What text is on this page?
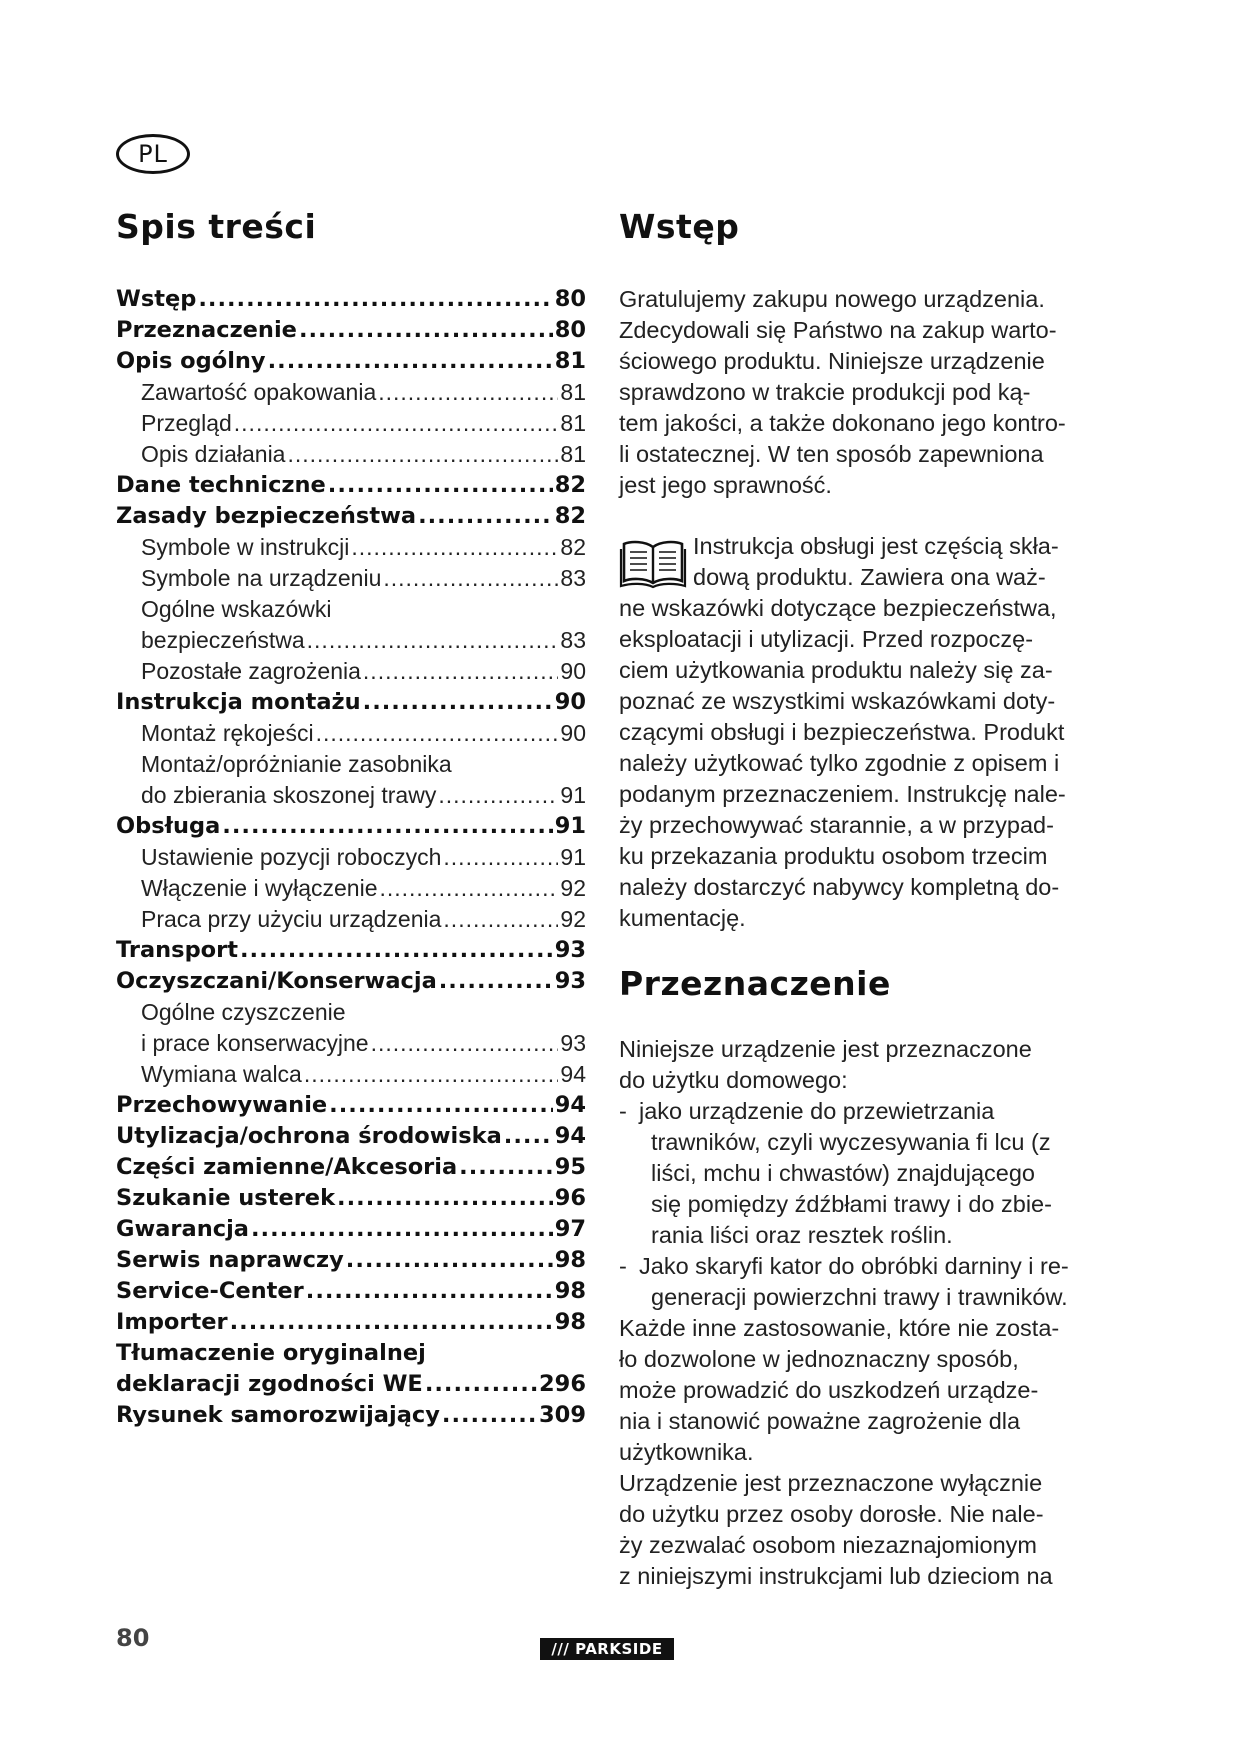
PL
Spis treści
Wstęp .....	80
Przeznaczenie .....	80
Opis ogólny .....	81
Zawartość opakowania .....	81
Przegląd .....	81
Opis działania .....	81
Dane techniczne .....	82
Zasady bezpieczeństwa .....	82
Symbole w instrukcji .....	82
Symbole na urządzeniu .....	83
Ogólne wskazówki
bezpieczeństwa .....	83
Pozostałe zagrożenia .....	90
Instrukcja montażu .....	90
Montaż rękojeści .....	90
Montaż/opróżnianie zasobnika
do zbierania skoszonej trawy .....	91
Obsługa .....	91
Ustawienie pozycji roboczych .....	91
Włączenie i wyłączenie .....	92
Praca przy użyciu urządzenia .....	92
Transport .....	93
Oczyszczani/Konserwacja .....	93
Ogólne czyszczenie
i prace konserwacyjne .....	93
Wymiana walca .....	94
Przechowywanie .....	94
Utylizacja/ochrona środowiska ..... 94
Części zamienne/Akcesoria .....	95
Szukanie usterek .....	96
Gwarancja .....	97
Serwis naprawczy .....	98
Service-Center .....	98
Importer .....	98
Tłumaczenie oryginalnej
deklaracji zgodności WE .....	296
Rysunek samorozwijający .....	309
Wstęp

Gratulujemy zakupu nowego urządzenia.

Zdecydowali się Państwo na zakup warto-

ściowego produktu. Niniejsze urządzenie

sprawdzono w trakcie produkcji pod ką-

tem jakości, a także dokonano jego kontro-

li ostatecznej. W ten sposób zapewniona

jest jego sprawność.

Instrukcja obsługi jest częścią skła-

dową produktu. Zawiera ona waż-

ne wskazówki dotyczące bezpieczeństwa,

eksploatacji i utylizacji. Przed rozpoczę-

ciem użytkowania produktu należy się za-

poznać ze wszystkimi wskazówkami doty-

czącymi obsługi i bezpieczeństwa. Produkt

należy użytkować tylko zgodnie z opisem i

podanym przeznaczeniem. Instrukcję nale-

ży przechowywać starannie, a w przypad-

ku przekazania produktu osobom trzecim

należy dostarczyć nabywcy kompletną do-

kumentację.

Przeznaczenie

Niniejsze urządzenie jest przeznaczone

do użytku domowego:

- jako urządzenie do przewietrzania

trawników, czyli wyczesywania fi lcu (z

liści, mchu i chwastów) znajdującego

się pomiędzy źdźbłami trawy i do zbie-

rania liści oraz resztek roślin.

- Jako skaryfi kator do obróbki darniny i re-

generacji powierzchni trawy i trawników.

Każde inne zastosowanie, które nie zosta-

ło dozwolone w jednoznaczny sposób,

może prowadzić do uszkodzeń urządze-

nia i stanowić poważne zagrożenie dla

użytkownika.

Urządzenie jest przeznaczone wyłącznie

do użytku przez osoby dorosłe. Nie nale-

ży zezwalać osobom niezaznajomionym

z niniejszymi instrukcjami lub dzieciom na

80	/// PARKSIDE
